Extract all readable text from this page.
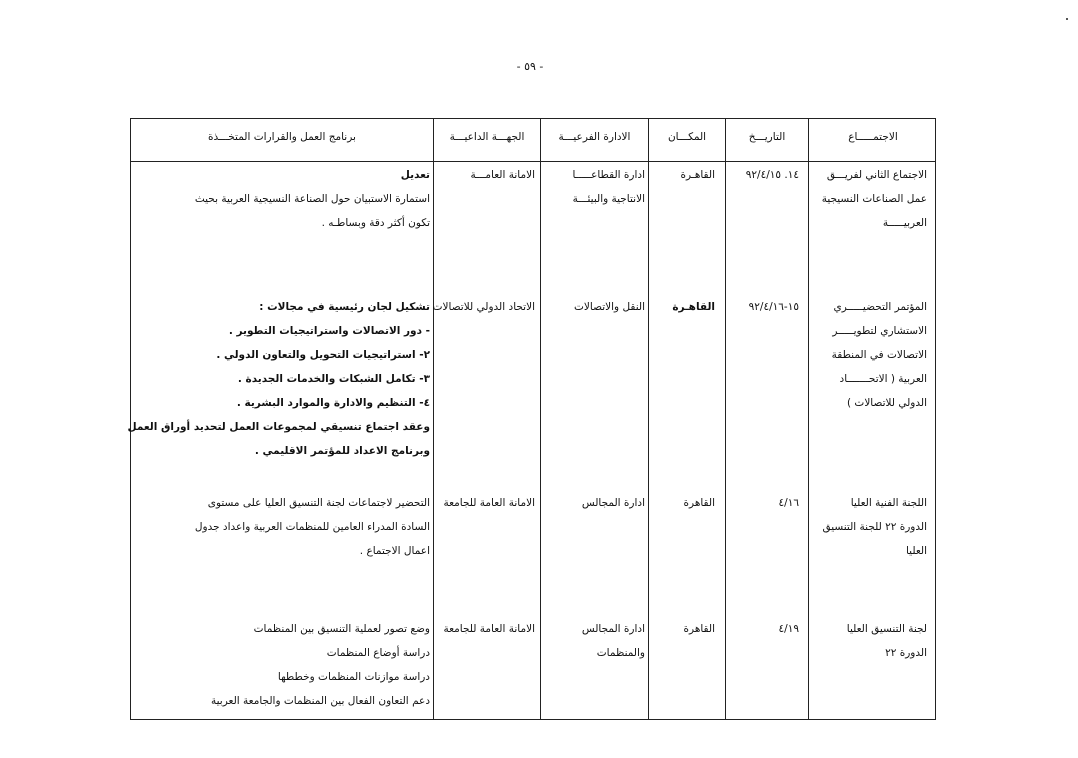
- ٥٩ -
الاجتمـــــاع
التاريـــخ
المكـــان
الادارة الفرعيـــة
الجهـــة الداعيـــة
برنامج العمل والقرارات المتخـــذة
الاجتماع الثاني لفريـــق
عمل الصناعات النسيجية
العربيـــــة
١٤. ٩٢/٤/١٥
القاهـرة
ادارة القطاعـــــا
الانتاجية والبيئـــة
الامانة العامـــة
تعديل
استمارة الاستبيان حول الصناعة النسيجية العربية بحيث
تكون أكثر دقة وبساطـه .
المؤتمر التحضيـــــري
الاستشاري لتطويـــــر
الاتصالات في المنطقة
العربية ( الاتحـــــــاد
الدولي للاتصالات )
١٥-٩٢/٤/١٦
القاهـرة
النقل والاتصالات
الاتحاد الدولي للاتصالات
تشكيل لجان رئيسية في مجالات :
- دور الاتصالات واستراتيجيات التطوير .
٢- استراتيجيات التحويل والتعاون الدولي .
٣- تكامل الشبكات والخدمات الجديدة .
٤- التنظيم والادارة والموارد البشرية .
وعقد اجتماع تنسيقي لمجموعات العمل لتحديد أوراق العمل
وبرنامج الاعداد للمؤتمر الاقليمي .
اللجنة الفنية العليا
الدورة ٢٢ للجنة التنسيق
العليا
٤/١٦
القاهرة
ادارة المجالس
الامانة العامة للجامعة
التحضير لاجتماعات لجنة التنسيق العليا على مستوى
السادة المدراء العامين للمنظمات العربية واعداد جدول
اعمال الاجتماع .
لجنة التنسيق العليا
الدورة ٢٢
٤/١٩
القاهرة
ادارة المجالس
والمنظمات
الامانة العامة للجامعة
وضع تصور لعملية التنسيق بين المنظمات
دراسة أوضاع المنظمات
دراسة موازنات المنظمات وخططها
دعم التعاون الفعال بين المنظمات والجامعة العربية
